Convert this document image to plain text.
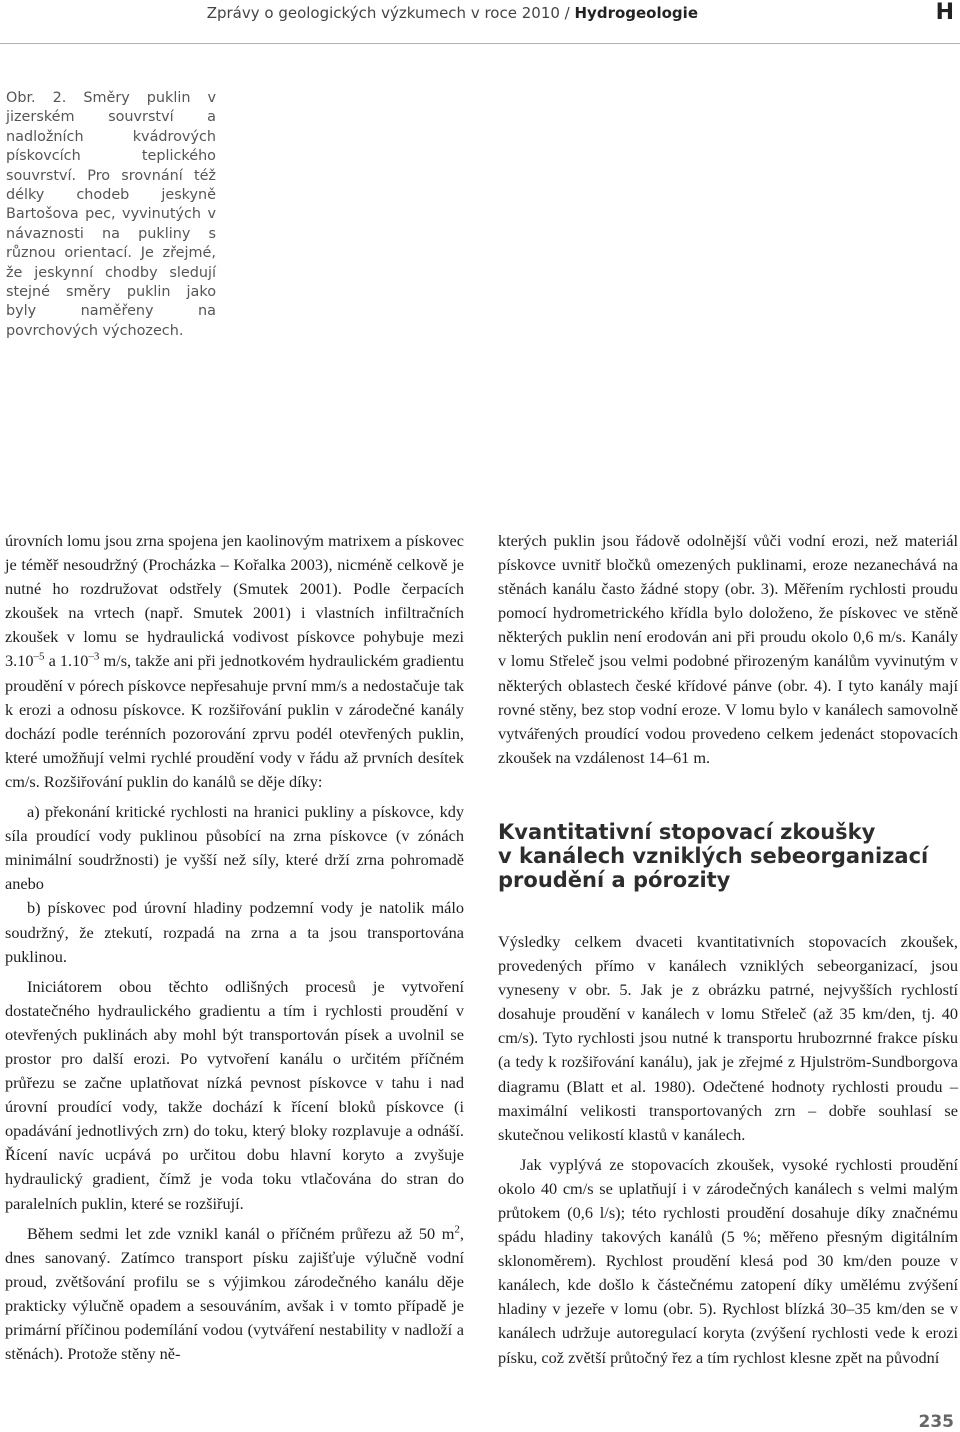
Zprávy o geologických výzkumech v roce 2010 / Hydrogeologie	H
Obr. 2. Směry puklin v jizerském souvrství a nadložních kvádrových pískovcích teplického souvrství. Pro srovnání též délky chodeb jeskyně Bartošova pec, vyvinutých v návaznosti na pukliny s různou orientací. Je zřejmé, že jeskynní chodby sledují stejné směry puklin jako byly naměřeny na povrchových výchozech.

úrovních lomu jsou zrna spojena jen kaolinovým matrixem a pískovec je téměř nesoudržný (Procházka – Kořalka 2003), nicméně celkově je nutné ho rozdružovat odstřely (Smutek 2001). Podle čerpacích zkoušek na vrtech (např. Smutek 2001) i vlastních infiltračních zkoušek v lomu se hydraulická vodivost pískovce pohybuje mezi $3.10^{-5}$ a $1.10^{-3}$ m/s, takže ani při jednotkovém hydraulickém gradientu proudění v pórech pískovce nepřesahuje první mm/s a nedostačuje tak k erozi a odnosu pískovce. K rozšiřování puklin v zárodečné kanály dochází podle terénních pozorování zprvu podél otevřených puklin, které umožňují velmi rychlé proudění vody v řádu až prvních desítek cm/s. Rozšiřování puklin do kanálů se děje díky:

a) překonání kritické rychlosti na hranici pukliny a pískovce, kdy síla proudící vody puklinou působící na zrna pískovce (v zónách minimální soudržnosti) je vyšší než síly, které drží zrna pohromadě anebo

b) pískovec pod úrovní hladiny podzemní vody je natolik málo soudržný, že ztekutí, rozpadá na zrna a ta jsou transportována puklinou.

Iniciátorem obou těchto odlišných procesů je vytvoření dostatečného hydraulického gradientu a tím i rychlosti proudění v otevřených puklinách aby mohl být transportován písek a uvolnil se prostor pro další erozi. Po vytvoření kanálu o určitém příčném průřezu se začne uplatňovat nízká pevnost pískovce v tahu i nad úrovní proudící vody, takže dochází k řícení bloků pískovce (i opadávání jednotlivých zrn) do toku, který bloky rozplavuje a odnáší. Řícení navíc ucpává po určitou dobu hlavní koryto a zvyšuje hydraulický gradient, čímž je voda toku vtlačována do stran do paralelních puklin, které se rozšiřují.

Během sedmi let zde vznikl kanál o příčném průřezu až 50 $m^2$, dnes sanovaný. Zatímco transport písku zajišťuje výlučně vodní proud, zvětšování profilu se s výjimkou zárodečného kanálu děje prakticky výlučně opadem a sesouváním, avšak i v tomto případě je primární příčinou podemílání vodou (vytváření nestability v nadloží a stěnách). Protože stěny ně-

kterých puklin jsou řádově odolnější vůči vodní erozi, než materiál pískovce uvnitř bločků omezených puklinami, eroze nezanechává na stěnách kanálu často žádné stopy (obr. 3). Měřením rychlosti proudu pomocí hydrometrického křídla bylo doloženo, že pískovec ve stěně některých puklin není erodován ani při proudu okolo 0,6 m/s. Kanály v lomu Střeleč jsou velmi podobné přirozeným kanálům vyvinutým v některých oblastech české křídové pánve (obr. 4). I tyto kanály mají rovné stěny, bez stop vodní eroze. V lomu bylo v kanálech samovolně vytvářených proudící vodou provedeno celkem jedenáct stopovacích zkoušek na vzdálenost 14–61 m.

Kvantitativní stopovací zkoušky
v kanálech vzniklých sebeorganizací
proudění a pórozity

Výsledky celkem dvaceti kvantitativních stopovacích zkoušek, provedených přímo v kanálech vzniklých sebeorganizací, jsou vyneseny v obr. 5. Jak je z obrázku patrné, nejvyšších rychlostí dosahuje proudění v kanálech v lomu Střeleč (až 35 km/den, tj. 40 cm/s). Tyto rychlosti jsou nutné k transportu hrubozrnné frakce písku (a tedy k rozšiřování kanálu), jak je zřejmé z Hjulström-Sundborgova diagramu (Blatt et al. 1980). Odečtené hodnoty rychlosti proudu – maximální velikosti transportovaných zrn – dobře souhlasí se skutečnou velikostí klastů v kanálech.

Jak vyplývá ze stopovacích zkoušek, vysoké rychlosti proudění okolo 40 cm/s se uplatňují i v zárodečných kanálech s velmi malým průtokem (0,6 l/s); této rychlosti proudění dosahuje díky značnému spádu hladiny takových kanálů (5 %; měřeno přesným digitálním sklonoměrem). Rychlost proudění klesá pod 30 km/den pouze v kanálech, kde došlo k částečnému zatopení díky umělému zvýšení hladiny v jezeře v lomu (obr. 5). Rychlost blízká 30–35 km/den se v kanálech udržuje autoregulací koryta (zvýšení rychlosti vede k erozi písku, což zvětší průtočný řez a tím rychlost klesne zpět na původní

235
